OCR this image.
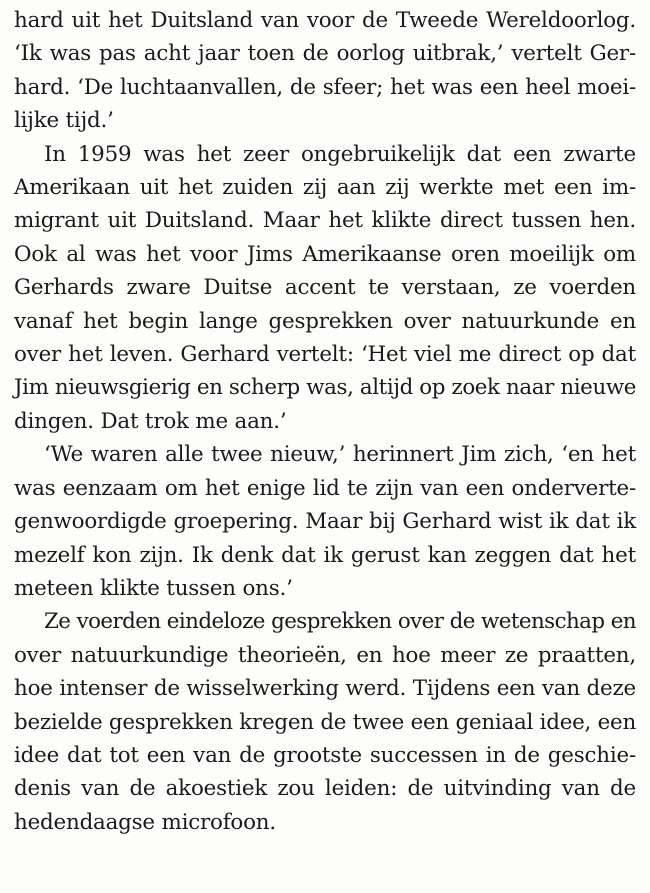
hard uit het Duitsland van voor de Tweede Wereldoorlog.
‘Ik was pas acht jaar toen de oorlog uitbrak,’ vertelt Ger-
hard. ‘De luchtaanvallen, de sfeer; het was een heel moei-
lijke tijd.’

In 1959 was het zeer ongebruikelijk dat een zwarte
Amerikaan uit het zuiden zij aan zij werkte met een im-
migrant uit Duitsland. Maar het klikte direct tussen hen.
Ook al was het voor Jims Amerikaanse oren moeilijk om
Gerhards zware Duitse accent te verstaan, ze voerden
vanaf het begin lange gesprekken over natuurkunde en
over het leven. Gerhard vertelt: ‘Het viel me direct op dat
Jim nieuwsgierig en scherp was, altijd op zoek naar nieuwe
dingen. Dat trok me aan.’

‘We waren alle twee nieuw,’ herinnert Jim zich, ‘en het
was eenzaam om het enige lid te zijn van een onderverte-
genwoordigde groepering. Maar bij Gerhard wist ik dat ik
mezelf kon zijn. Ik denk dat ik gerust kan zeggen dat het
meteen klikte tussen ons.’

Ze voerden eindeloze gesprekken over de wetenschap en
over natuurkundige theorieën, en hoe meer ze praatten,
hoe intenser de wisselwerking werd. Tijdens een van deze
bezielde gesprekken kregen de twee een geniaal idee, een
idee dat tot een van de grootste successen in de geschie-
denis van de akoestiek zou leiden: de uitvinding van de
hedendaagse microfoon.
